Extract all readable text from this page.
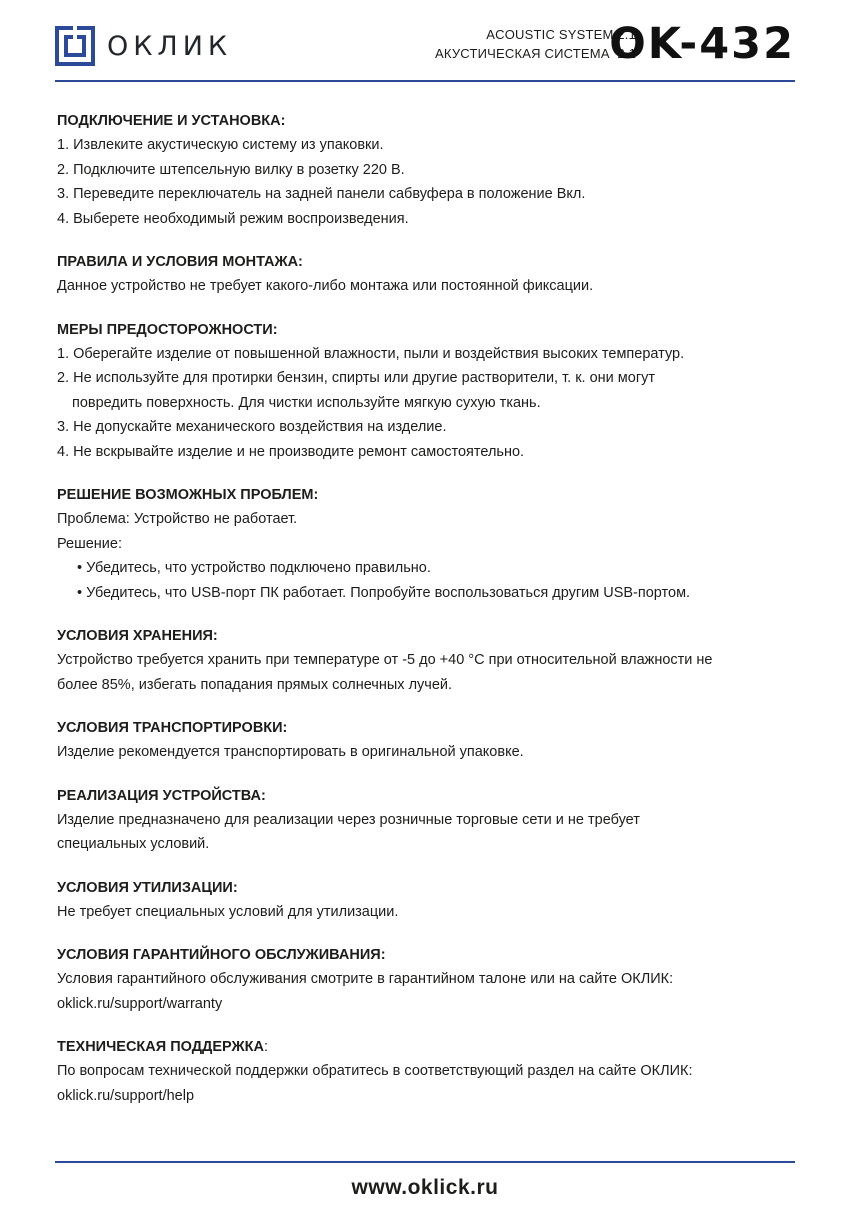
ОКЛИК	ACOUSTIC SYSTEM 2.1
АКУСТИЧЕСКАЯ СИСТЕМА  2.1
OK-432

ПОДКЛЮЧЕНИЕ И УСТАНОВКА:

1. Извлеките акустическую систему из упаковки.

2. Подключите штепсельную вилку в розетку 220 В.

3. Переведите переключатель на задней панели сабвуфера в положение Вкл.

4. Выберете необходимый режим воспроизведения.

ПРАВИЛА И УСЛОВИЯ МОНТАЖА:

Данное устройство не требует какого-либо монтажа или постоянной фиксации.

МЕРЫ ПРЕДОСТОРОЖНОСТИ:

1. Оберегайте изделие от повышенной влажности, пыли и воздействия высоких температур.

2. Не используйте для протирки бензин, спирты или другие растворители, т. к. они могут

повредить поверхность. Для чистки используйте мягкую сухую ткань.

3. Не допускайте механического воздействия на изделие.

4. Не вскрывайте изделие и не производите ремонт самостоятельно.

РЕШЕНИЕ ВОЗМОЖНЫХ ПРОБЛЕМ:

Проблема: Устройство не работает.

Решение:

• Убедитесь, что устройство подключено правильно.

• Убедитесь, что USB-порт ПК работает. Попробуйте воспользоваться другим USB-портом.

УСЛОВИЯ ХРАНЕНИЯ:

Устройство требуется хранить при температуре от -5 до +40 °С при относительной влажности не

более 85%, избегать попадания прямых солнечных лучей.

УСЛОВИЯ ТРАНСПОРТИРОВКИ:

Изделие рекомендуется транспортировать в оригинальной упаковке.

РЕАЛИЗАЦИЯ УСТРОЙСТВА:

Изделие предназначено для реализации через розничные торговые сети и не требует

специальных условий.

УСЛОВИЯ УТИЛИЗАЦИИ:

Не требует специальных условий для утилизации.

УСЛОВИЯ ГАРАНТИЙНОГО ОБСЛУЖИВАНИЯ:

Условия гарантийного обслуживания смотрите в гарантийном талоне или на сайте ОКЛИК:

oklick.ru/support/warranty

ТЕХНИЧЕСКАЯ ПОДДЕРЖКА:

По вопросам технической поддержки обратитесь в соответствующий раздел на сайте ОКЛИК:

oklick.ru/support/help

www.oklick.ru
